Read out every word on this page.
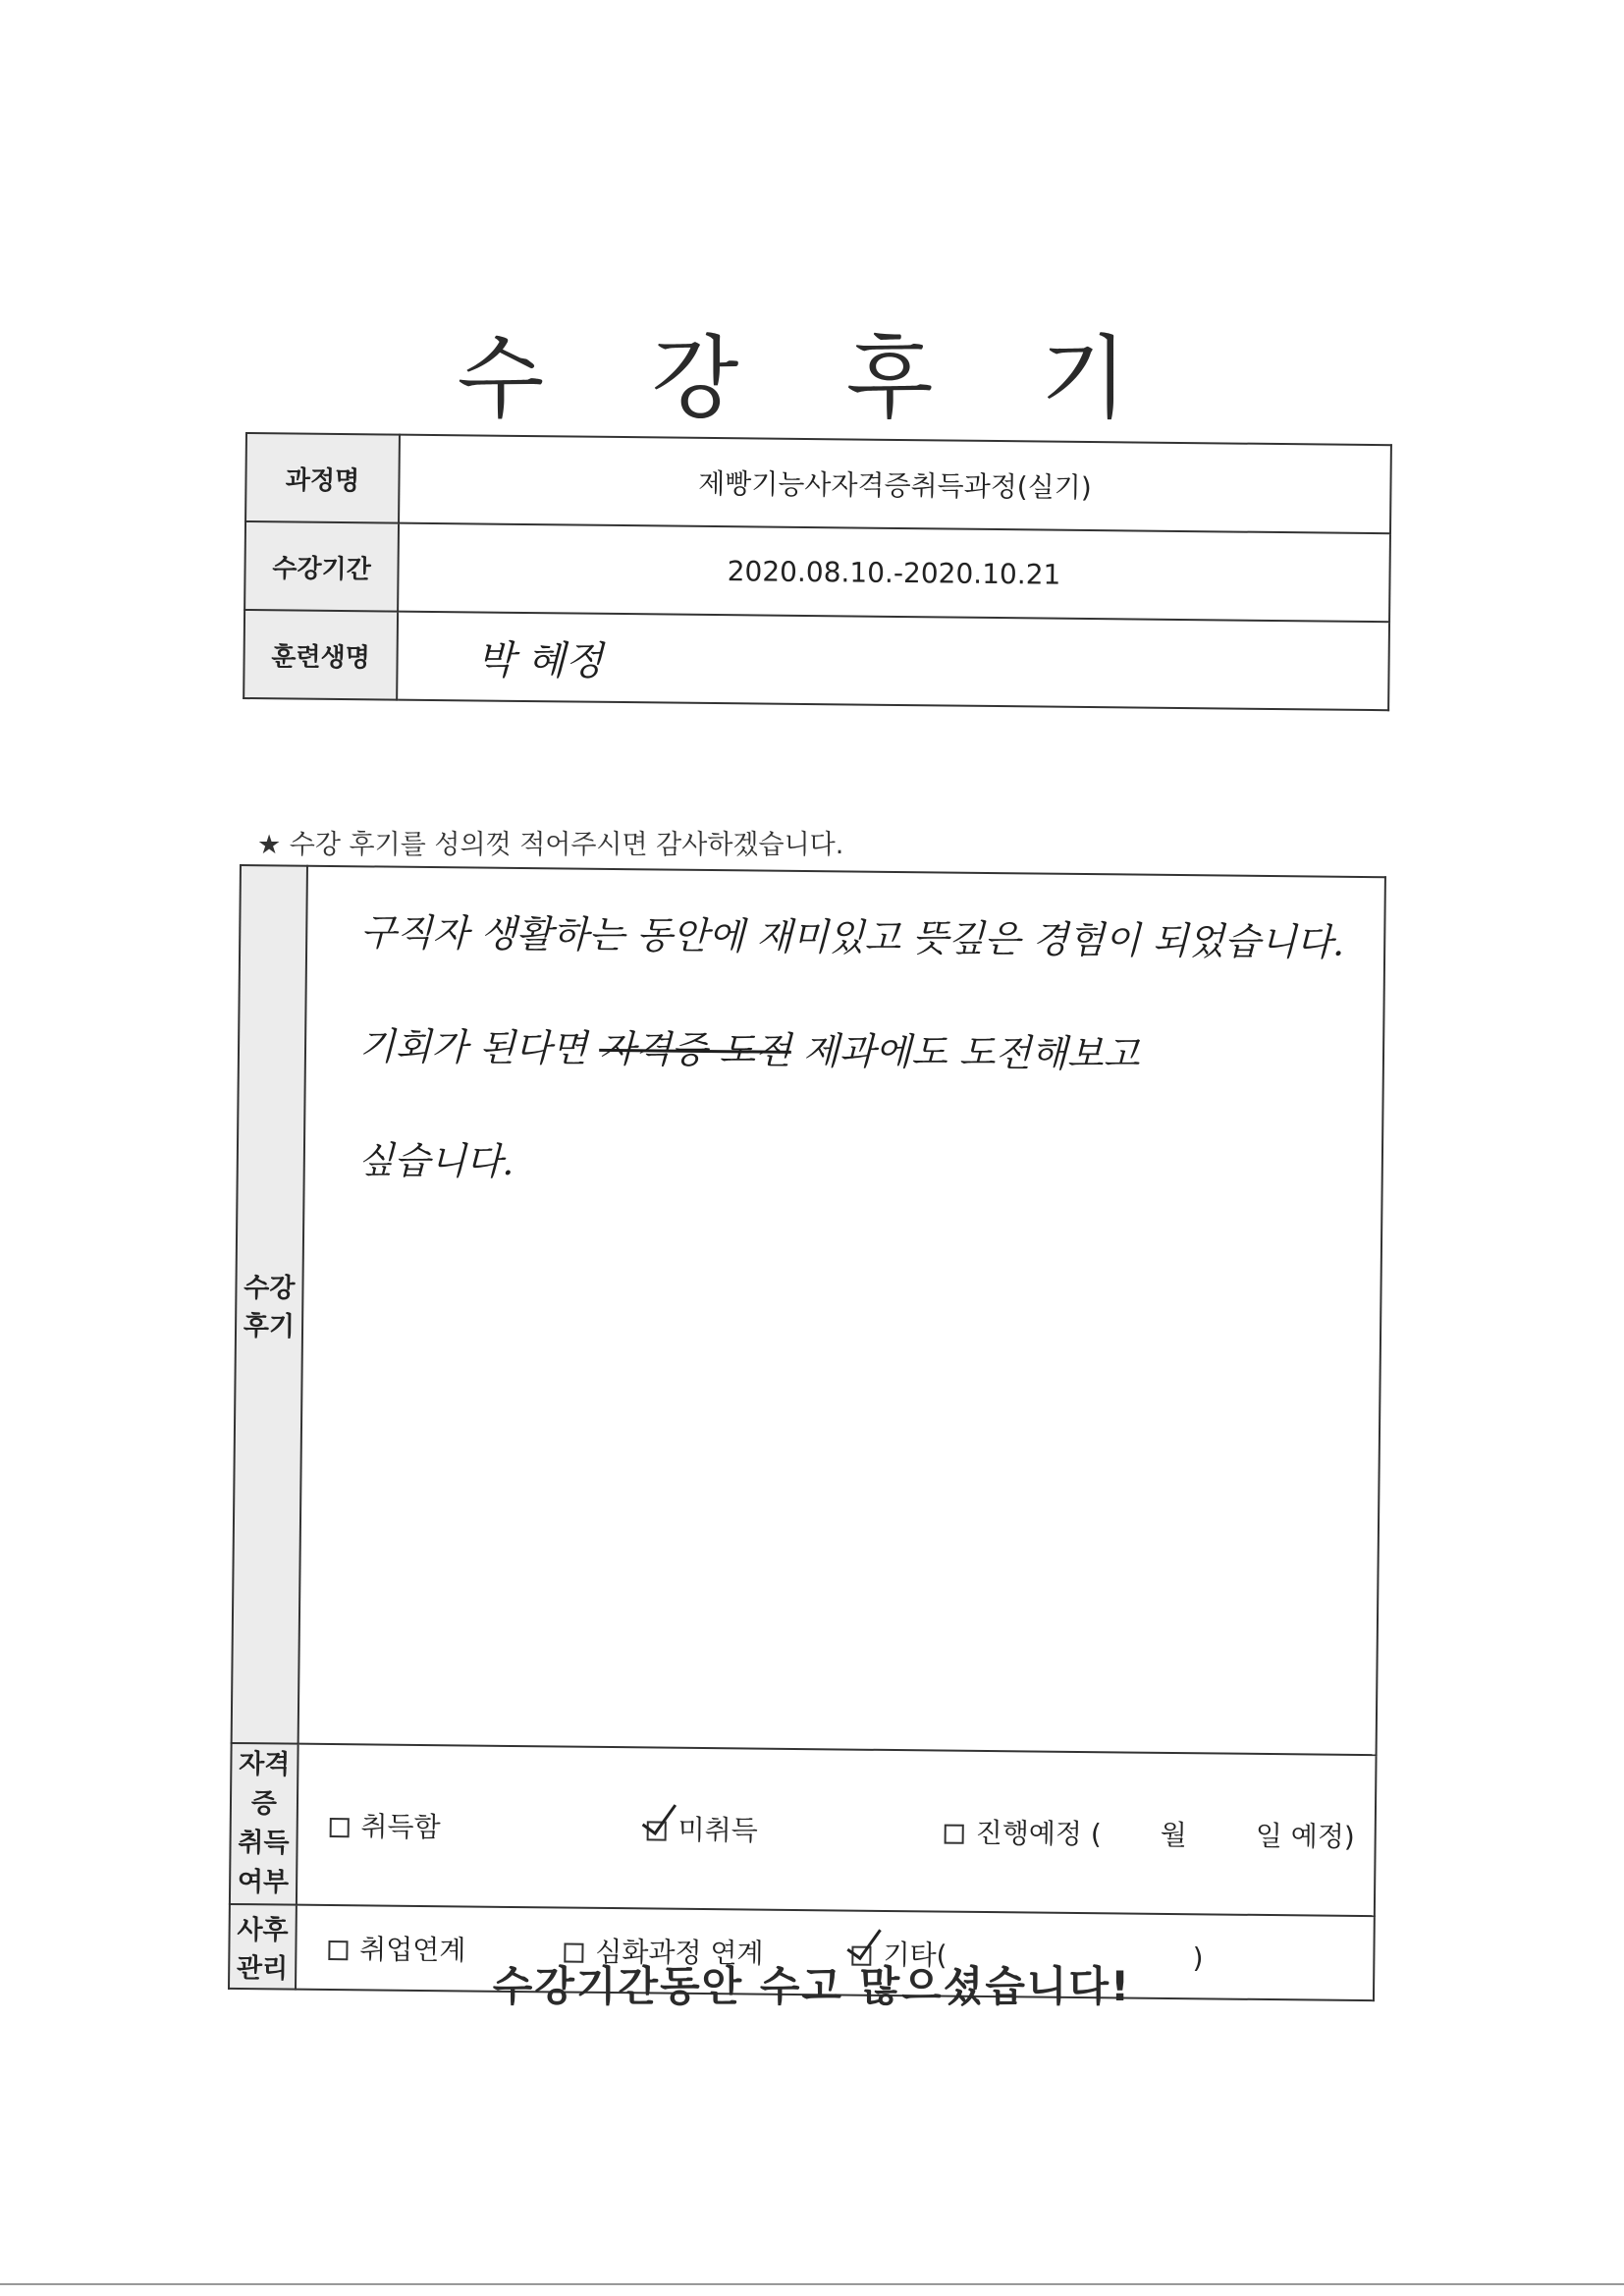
수 강 후 기
과정명	제빵기능사자격증취득과정(실기)
수강기간	2020.08.10.-2020.10.21
훈련생명	박 혜정
★ 수강 후기를 성의껏 적어주시면 감사하겠습니다.
수강후기	구직자 생활하는 동안에 재미있고 뜻깊은 경험이 되었습니다.
기회가 된다면 자격증 도전 제과에도 도전해보고
싶습니다.

자격증
취득여부	취득함 미취득 진행예정 ( 월 일 예정)
사후관리	취업연계 심화과정 연계 기타( )
수강기간동안 수고 많으셨습니다!
